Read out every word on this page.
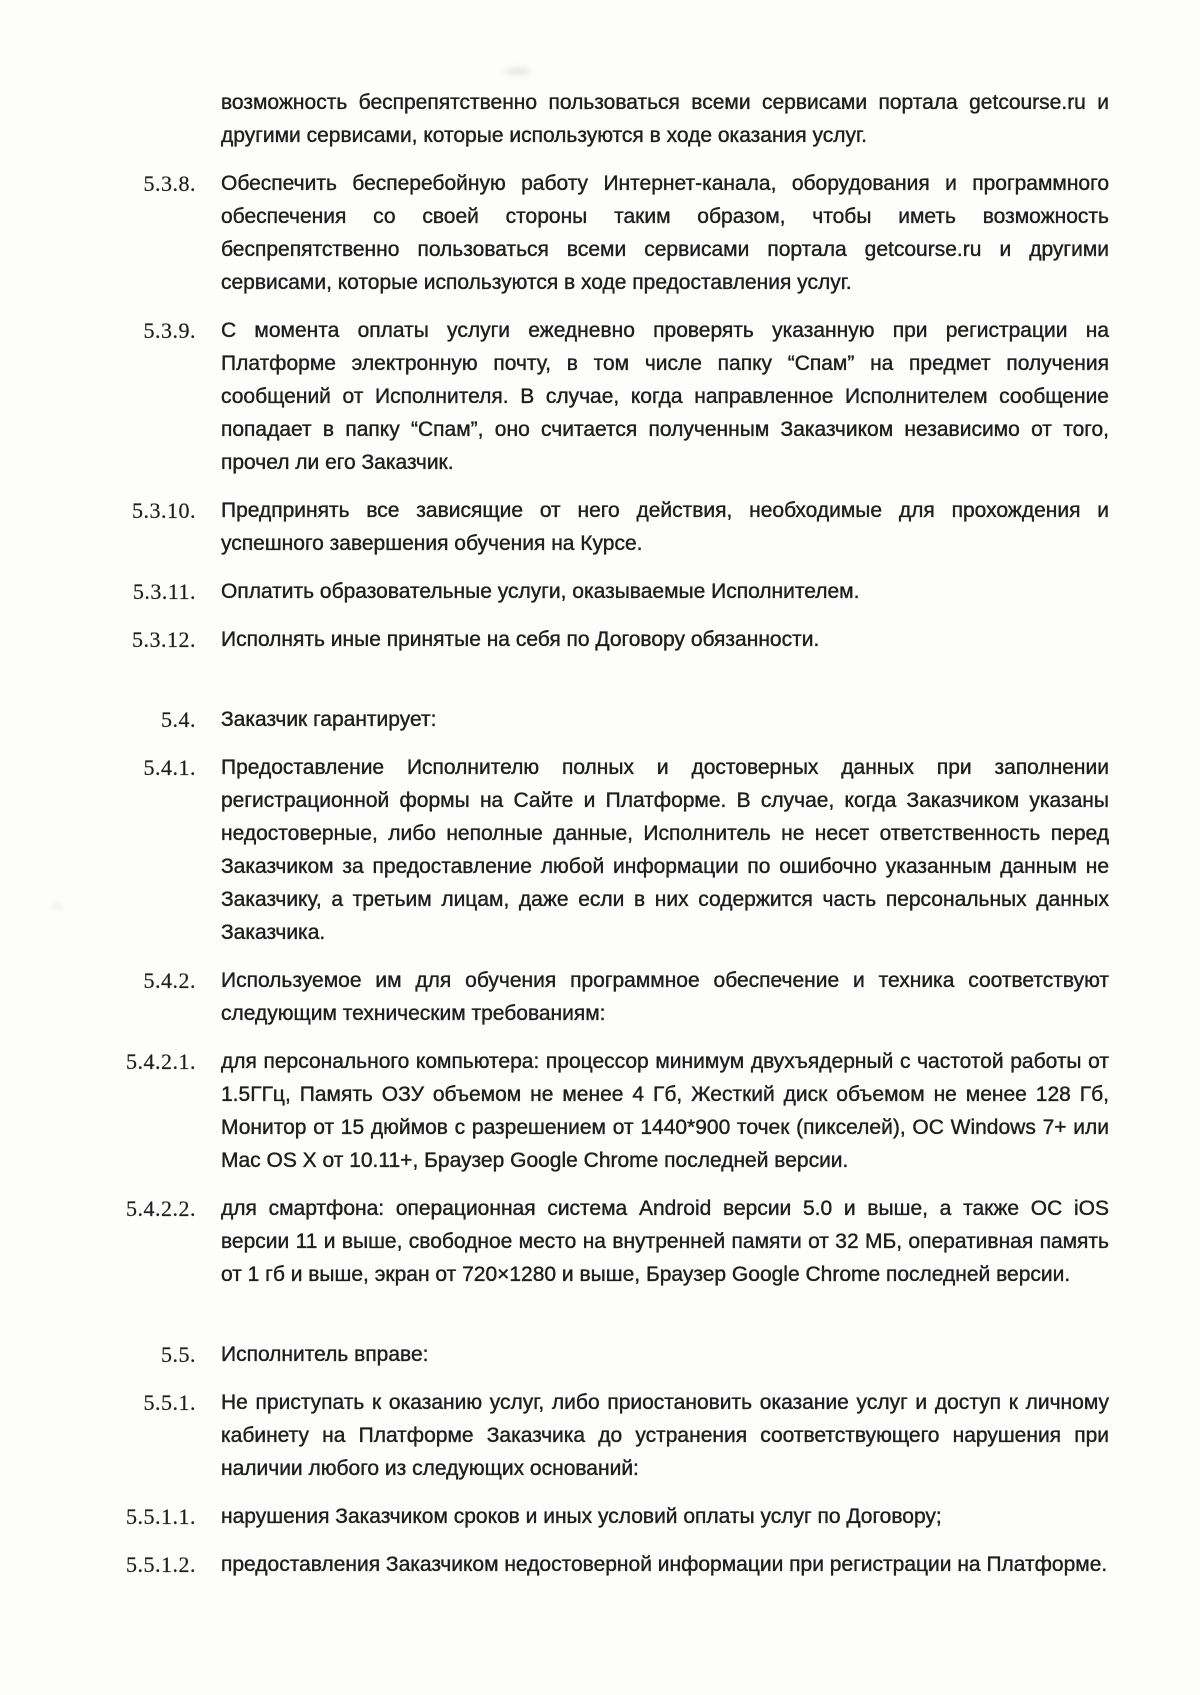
возможность беспрепятственно пользоваться всеми сервисами портала getcourse.ru и другими сервисами, которые используются в ходе оказания услуг.
5.3.8. Обеспечить бесперебойную работу Интернет-канала, оборудования и программного обеспечения со своей стороны таким образом, чтобы иметь возможность беспрепятственно пользоваться всеми сервисами портала getcourse.ru и другими сервисами, которые используются в ходе предоставления услуг.
5.3.9. С момента оплаты услуги ежедневно проверять указанную при регистрации на Платформе электронную почту, в том числе папку “Спам” на предмет получения сообщений от Исполнителя. В случае, когда направленное Исполнителем сообщение попадает в папку “Спам”, оно считается полученным Заказчиком независимо от того, прочел ли его Заказчик.
5.3.10. Предпринять все зависящие от него действия, необходимые для прохождения и успешного завершения обучения на Курсе.
5.3.11. Оплатить образовательные услуги, оказываемые Исполнителем.
5.3.12. Исполнять иные принятые на себя по Договору обязанности.
5.4. Заказчик гарантирует:
5.4.1. Предоставление Исполнителю полных и достоверных данных при заполнении регистрационной формы на Сайте и Платформе. В случае, когда Заказчиком указаны недостоверные, либо неполные данные, Исполнитель не несет ответственность перед Заказчиком за предоставление любой информации по ошибочно указанным данным не Заказчику, а третьим лицам, даже если в них содержится часть персональных данных Заказчика.
5.4.2. Используемое им для обучения программное обеспечение и техника соответствуют следующим техническим требованиям:
5.4.2.1. для персонального компьютера: процессор минимум двухъядерный с частотой работы от 1.5ГГц, Память ОЗУ объемом не менее 4 Гб, Жесткий диск объемом не менее 128 Гб, Монитор от 15 дюймов с разрешением от 1440*900 точек (пикселей), ОС Windows 7+ или Mac OS X от 10.11+, Браузер Google Chrome последней версии.
5.4.2.2. для смартфона: операционная система Android версии 5.0 и выше, а также ОС iOS версии 11 и выше, свободное место на внутренней памяти от 32 МБ, оперативная память от 1 гб и выше, экран от 720×1280 и выше, Браузер Google Chrome последней версии.
5.5. Исполнитель вправе:
5.5.1. Не приступать к оказанию услуг, либо приостановить оказание услуг и доступ к личному кабинету на Платформе Заказчика до устранения соответствующего нарушения при наличии любого из следующих оснований:
5.5.1.1. нарушения Заказчиком сроков и иных условий оплаты услуг по Договору;
5.5.1.2. предоставления Заказчиком недостоверной информации при регистрации на Платформе.
